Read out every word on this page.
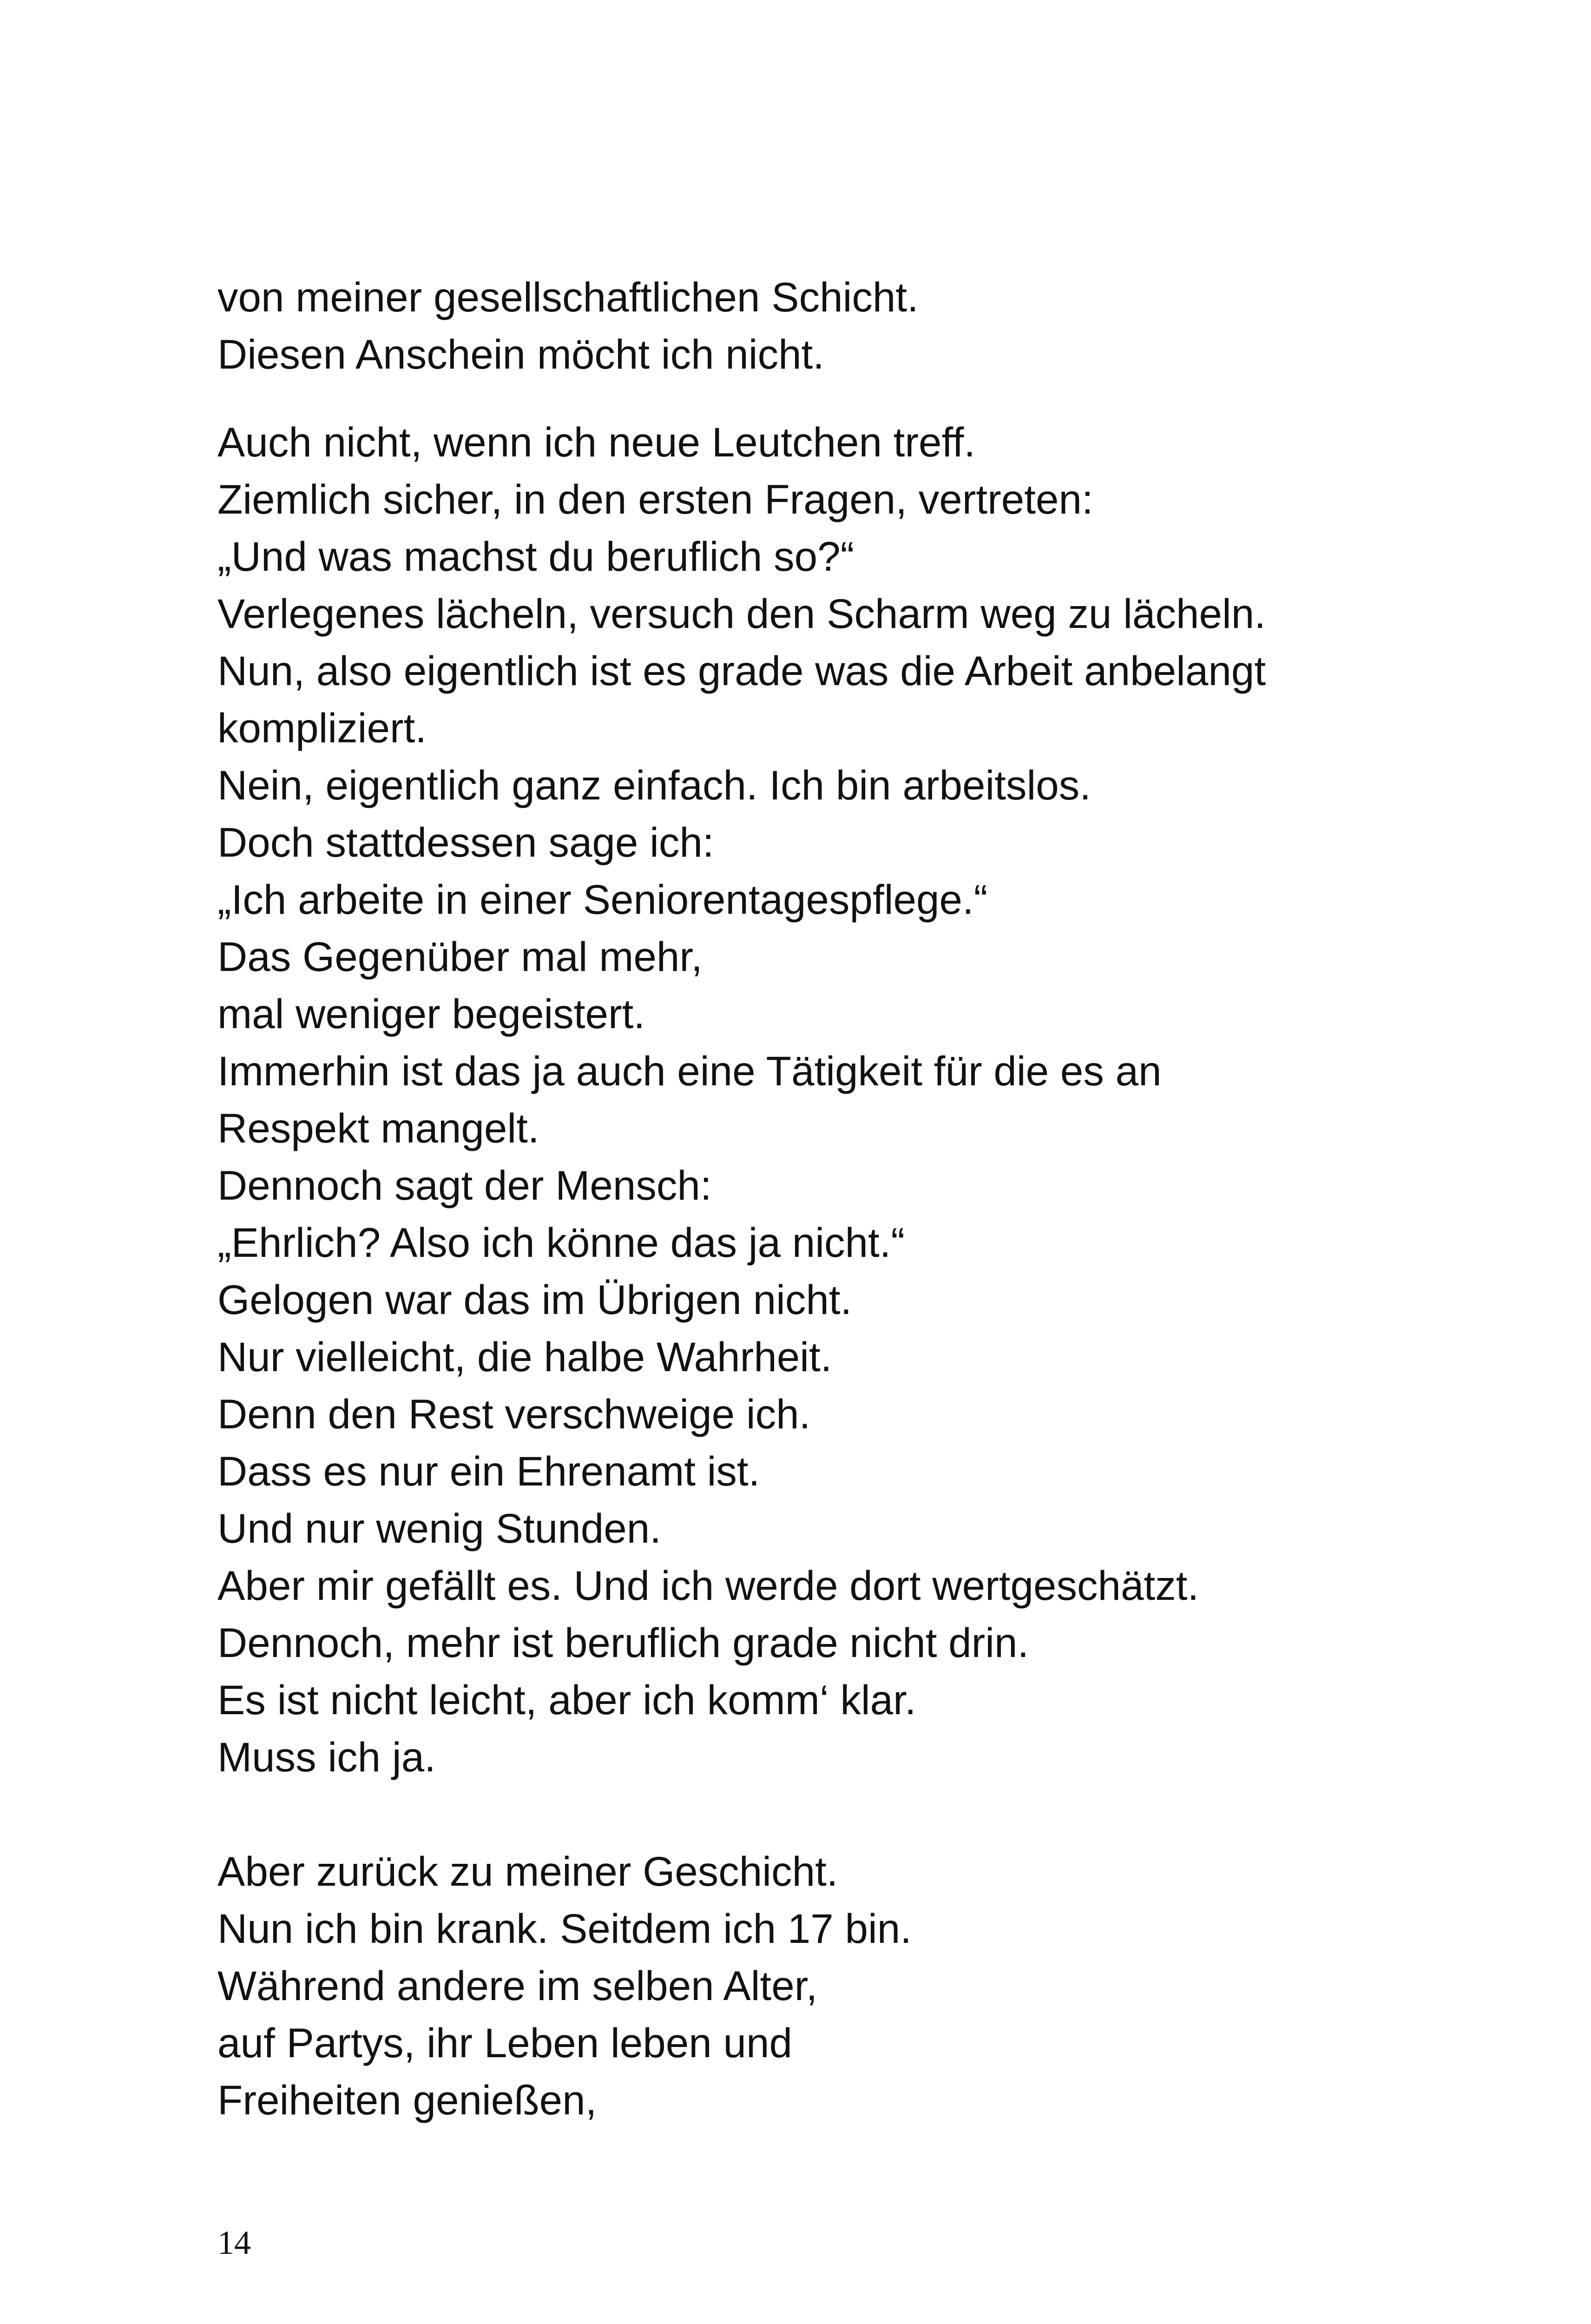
von meiner gesellschaftlichen Schicht.
Diesen Anschein möcht ich nicht.
Auch nicht, wenn ich neue Leutchen treff.
Ziemlich sicher, in den ersten Fragen, vertreten:
„Und was machst du beruflich so?“
Verlegenes lächeln, versuch den Scharm weg zu lächeln.
Nun, also eigentlich ist es grade was die Arbeit anbelangt
kompliziert.
Nein, eigentlich ganz einfach. Ich bin arbeitslos.
Doch stattdessen sage ich:
„Ich arbeite in einer Seniorentagespflege.“
Das Gegenüber mal mehr,
mal weniger begeistert.
Immerhin ist das ja auch eine Tätigkeit für die es an
Respekt mangelt.
Dennoch sagt der Mensch:
„Ehrlich? Also ich könne das ja nicht.“
Gelogen war das im Übrigen nicht.
Nur vielleicht, die halbe Wahrheit.
Denn den Rest verschweige ich.
Dass es nur ein Ehrenamt ist.
Und nur wenig Stunden.
Aber mir gefällt es. Und ich werde dort wertgeschätzt.
Dennoch, mehr ist beruflich grade nicht drin.
Es ist nicht leicht, aber ich komm‘ klar.
Muss ich ja.
Aber zurück zu meiner Geschicht.
Nun ich bin krank. Seitdem ich 17 bin.
Während andere im selben Alter,
auf Partys, ihr Leben leben und
Freiheiten genießen,
14
